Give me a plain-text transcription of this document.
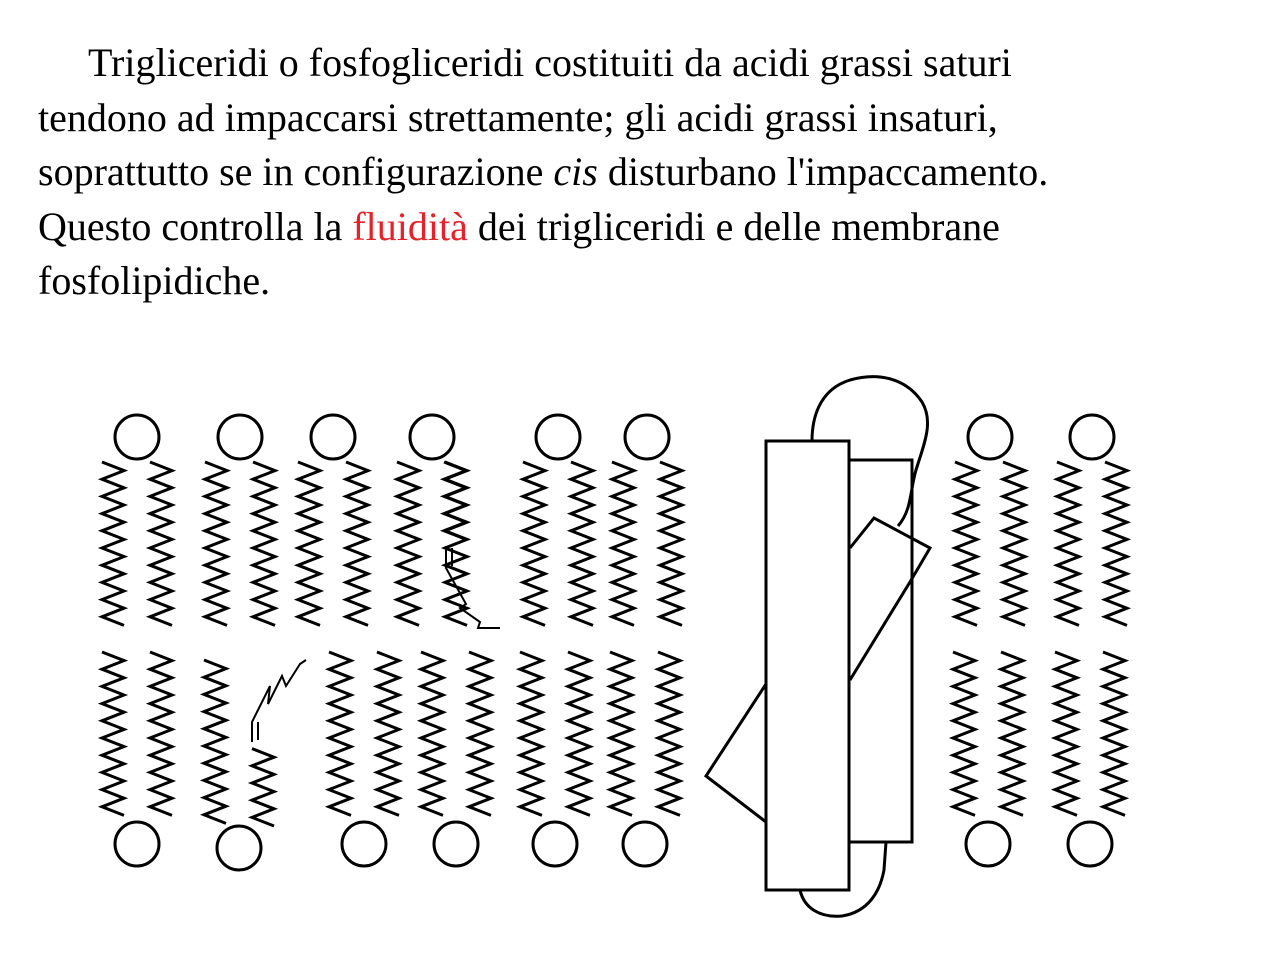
Trigliceridi o fosfogliceridi costituiti da acidi grassi saturi
tendono ad impaccarsi strettamente; gli acidi grassi insaturi,
soprattutto se in configurazione cis disturbano l'impaccamento.
Questo controlla la fluidità dei trigliceridi e delle membrane
fosfolipidiche.
